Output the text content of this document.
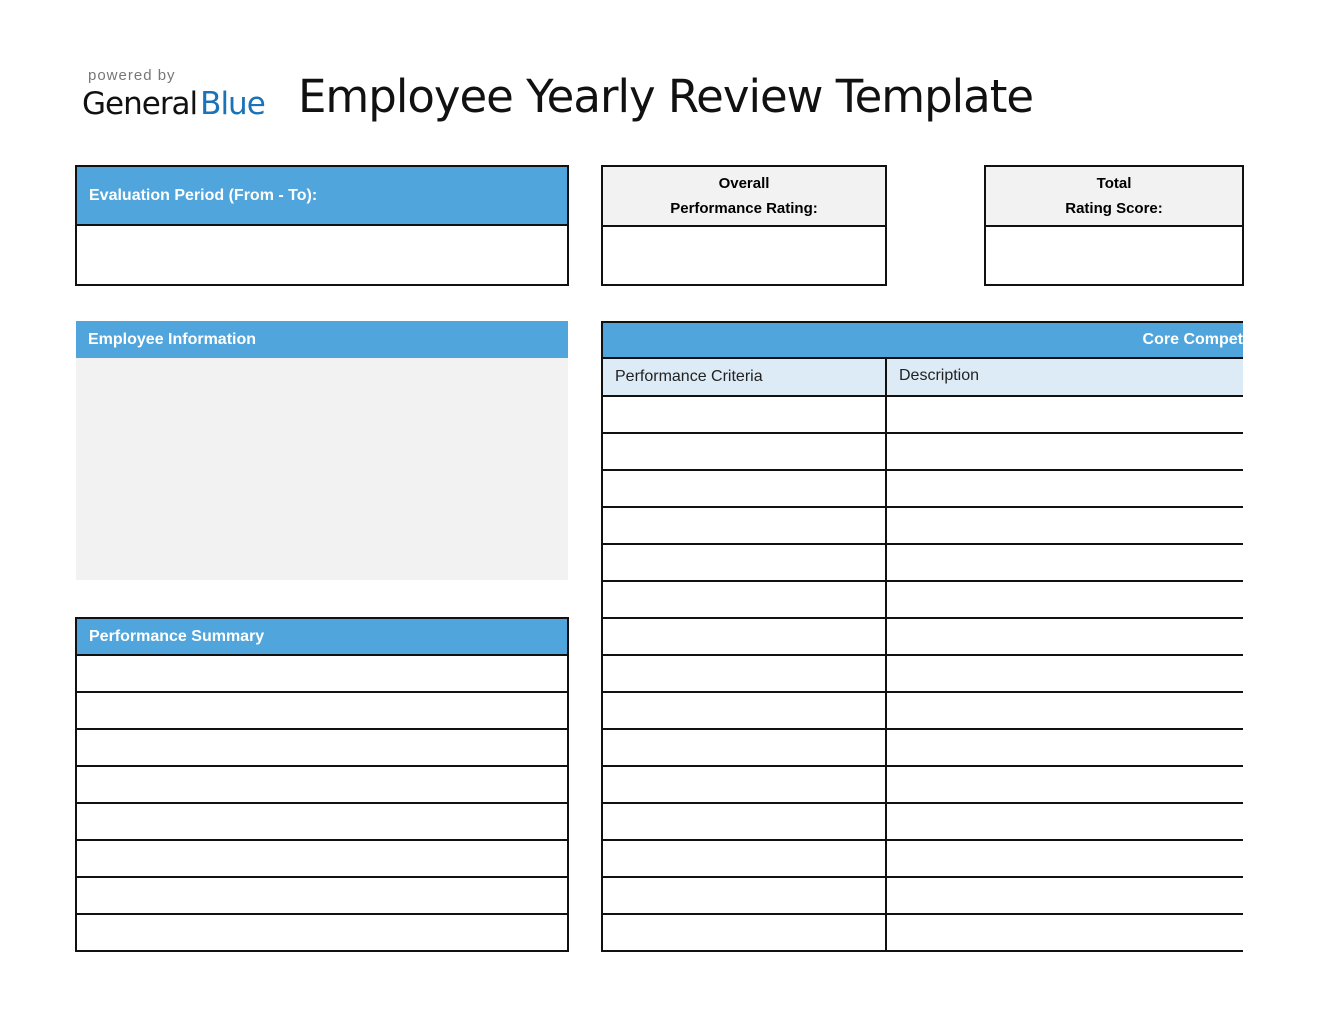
powered by
GeneralBlue Employee Yearly Review Template
Evaluation Period (From - To):
Overall
Performance Rating:
Total
Rating Score:
Employee Information
Performance Summary
Core Compet
Performance Criteria	Description
